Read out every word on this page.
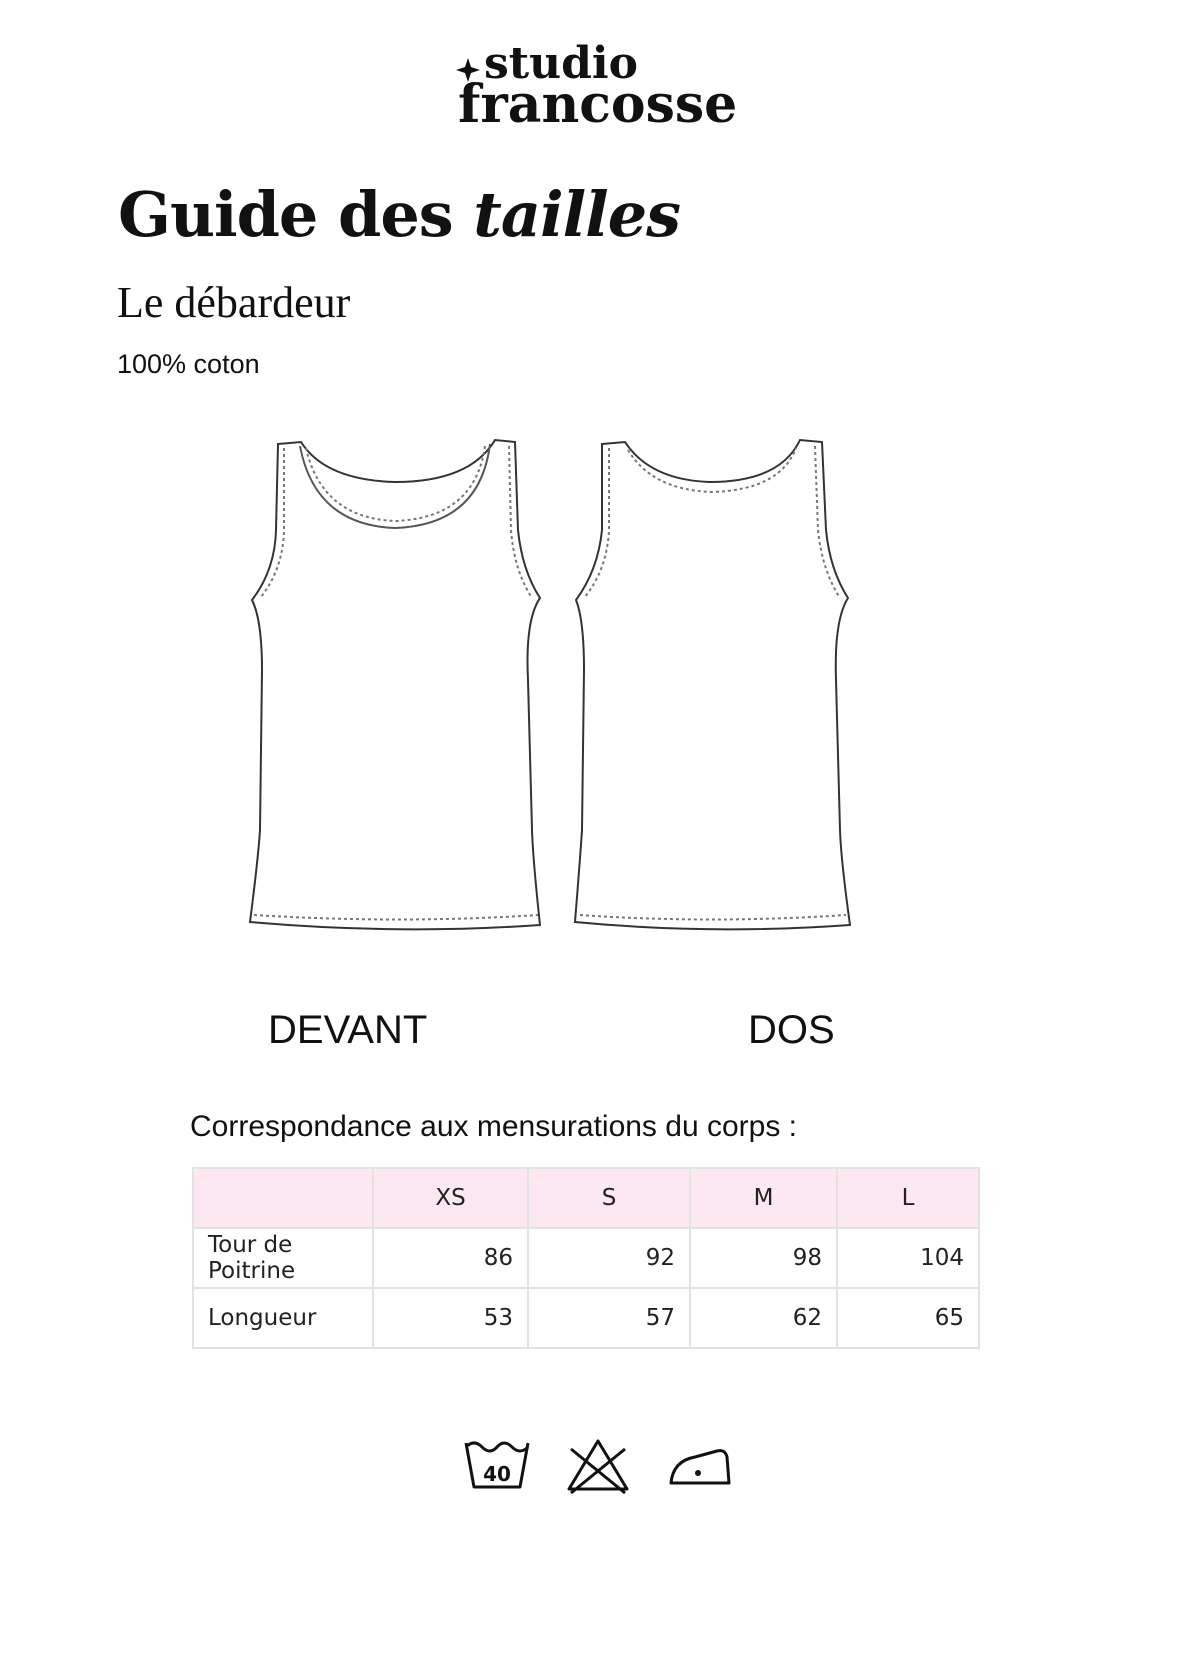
studio
francosse
Guide des tailles
Le débardeur
100% coton
DEVANT	DOS
Correspondance aux mensurations du corps :
	XS	S	M	L
Tour de Poitrine	86	92	98	104
Longueur	53	57	62	65
40
